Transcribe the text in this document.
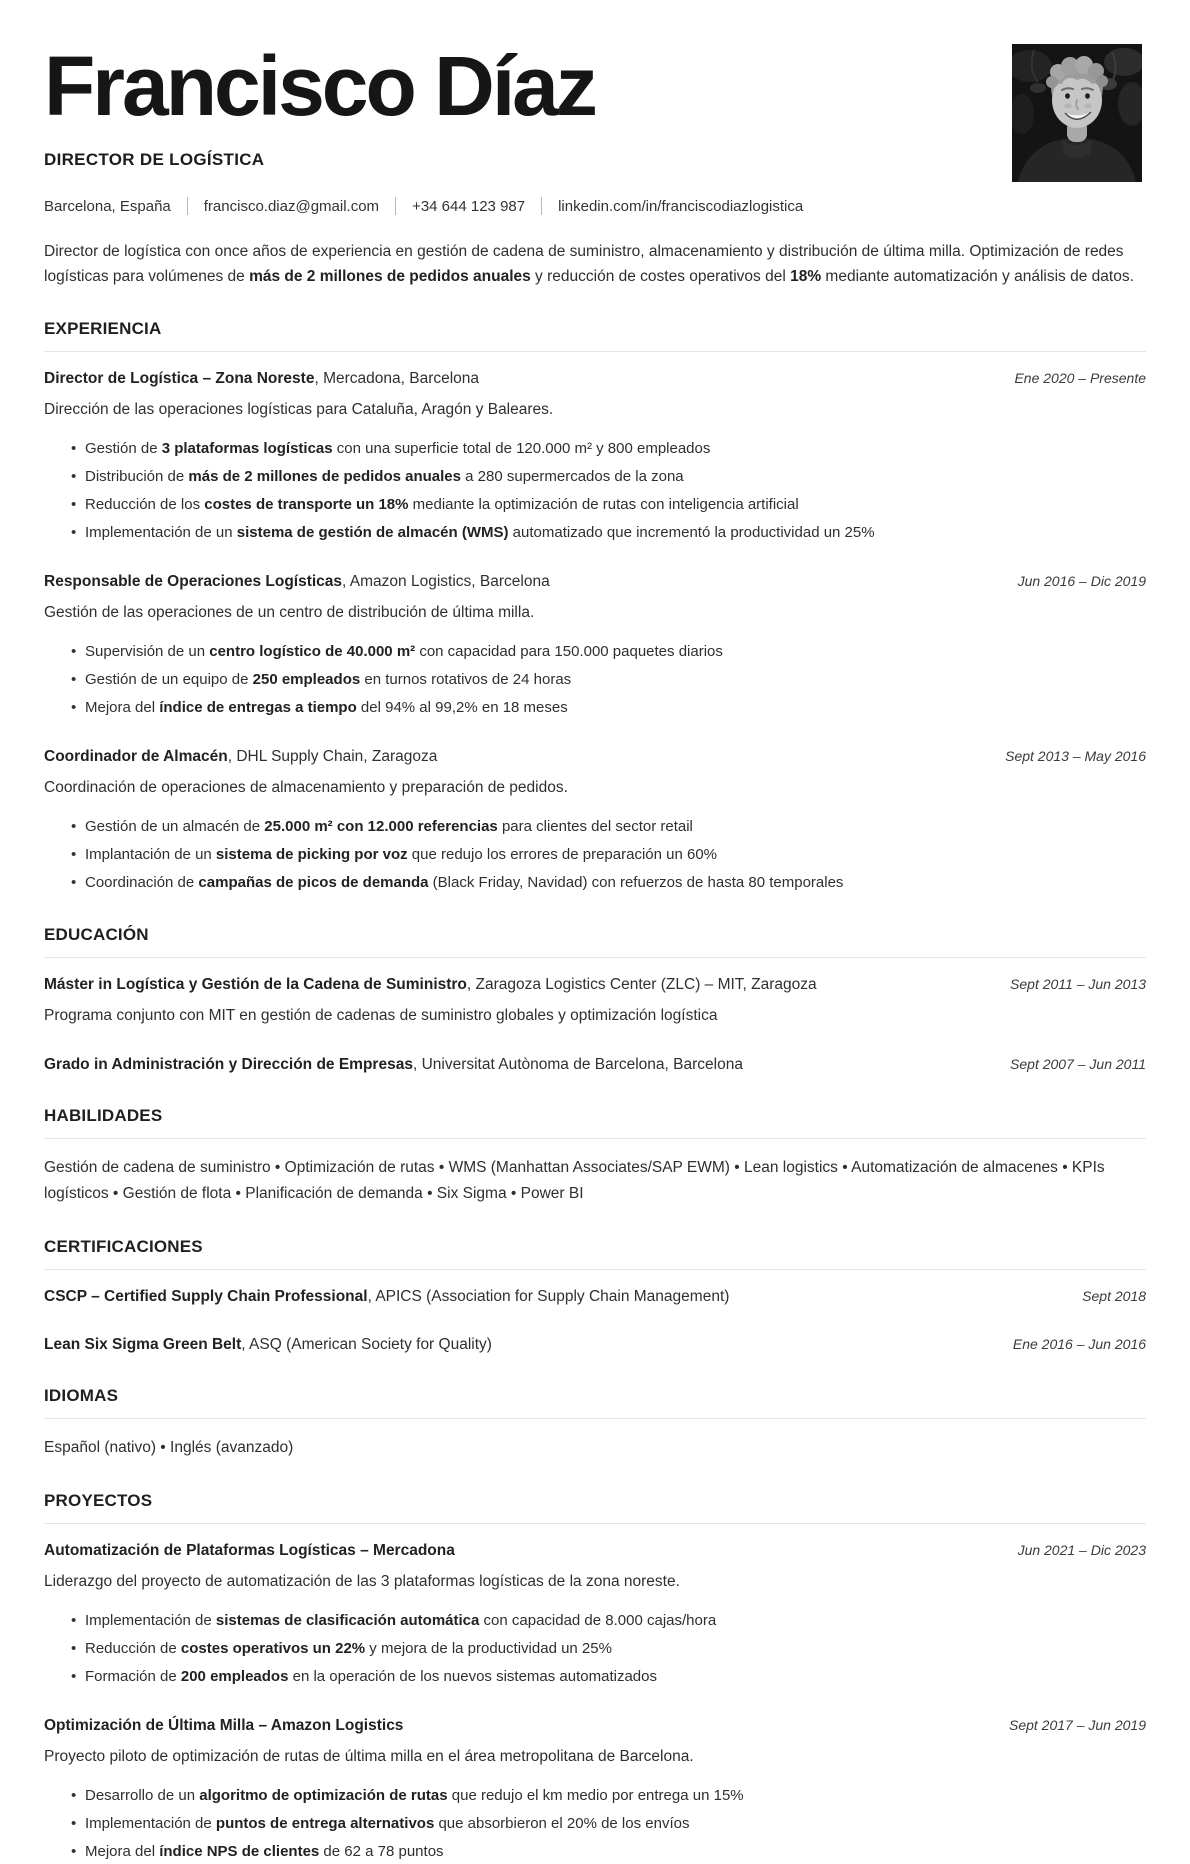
Francisco Díaz
DIRECTOR DE LOGÍSTICA
Barcelona, España francisco.diaz@gmail.com +34 644 123 987 linkedin.com/in/franciscodiazlogistica

Director de logística con once años de experiencia en gestión de cadena de suministro, almacenamiento y distribución de última milla. Optimización de redes logísticas para volúmenes de más de 2 millones de pedidos anuales y reducción de costes operativos del 18% mediante automatización y análisis de datos.

EXPERIENCIA
Director de Logística – Zona Noreste, Mercadona, Barcelona	Ene 2020 – Presente

Dirección de las operaciones logísticas para Cataluña, Aragón y Baleares.

• Gestión de 3 plataformas logísticas con una superficie total de 120.000 m² y 800 empleados
• Distribución de más de 2 millones de pedidos anuales a 280 supermercados de la zona
• Reducción de los costes de transporte un 18% mediante la optimización de rutas con inteligencia artificial
• Implementación de un sistema de gestión de almacén (WMS) automatizado que incrementó la productividad un 25%
Responsable de Operaciones Logísticas, Amazon Logistics, Barcelona	Jun 2016 – Dic 2019

Gestión de las operaciones de un centro de distribución de última milla.

• Supervisión de un centro logístico de 40.000 m² con capacidad para 150.000 paquetes diarios
• Gestión de un equipo de 250 empleados en turnos rotativos de 24 horas
• Mejora del índice de entregas a tiempo del 94% al 99,2% en 18 meses
Coordinador de Almacén, DHL Supply Chain, Zaragoza	Sept 2013 – May 2016

Coordinación de operaciones de almacenamiento y preparación de pedidos.

• Gestión de un almacén de 25.000 m² con 12.000 referencias para clientes del sector retail
• Implantación de un sistema de picking por voz que redujo los errores de preparación un 60%
• Coordinación de campañas de picos de demanda (Black Friday, Navidad) con refuerzos de hasta 80 temporales
EDUCACIÓN
Máster in Logística y Gestión de la Cadena de Suministro, Zaragoza Logistics Center (ZLC) – MIT, Zaragoza	Sept 2011 – Jun 2013

Programa conjunto con MIT en gestión de cadenas de suministro globales y optimización logística

Grado in Administración y Dirección de Empresas, Universitat Autònoma de Barcelona, Barcelona	Sept 2007 – Jun 2011
HABILIDADES

Gestión de cadena de suministro • Optimización de rutas • WMS (Manhattan Associates/SAP EWM) • Lean logistics • Automatización de almacenes • KPIs logísticos • Gestión de flota • Planificación de demanda • Six Sigma • Power BI

CERTIFICACIONES
CSCP – Certified Supply Chain Professional, APICS (Association for Supply Chain Management)	Sept 2018
Lean Six Sigma Green Belt, ASQ (American Society for Quality)	Ene 2016 – Jun 2016
IDIOMAS

Español (nativo) • Inglés (avanzado)

PROYECTOS
Automatización de Plataformas Logísticas – Mercadona	Jun 2021 – Dic 2023

Liderazgo del proyecto de automatización de las 3 plataformas logísticas de la zona noreste.

• Implementación de sistemas de clasificación automática con capacidad de 8.000 cajas/hora
• Reducción de costes operativos un 22% y mejora de la productividad un 25%
• Formación de 200 empleados en la operación de los nuevos sistemas automatizados
Optimización de Última Milla – Amazon Logistics	Sept 2017 – Jun 2019

Proyecto piloto de optimización de rutas de última milla en el área metropolitana de Barcelona.

• Desarrollo de un algoritmo de optimización de rutas que redujo el km medio por entrega un 15%
• Implementación de puntos de entrega alternativos que absorbieron el 20% de los envíos
• Mejora del índice NPS de clientes de 62 a 78 puntos
